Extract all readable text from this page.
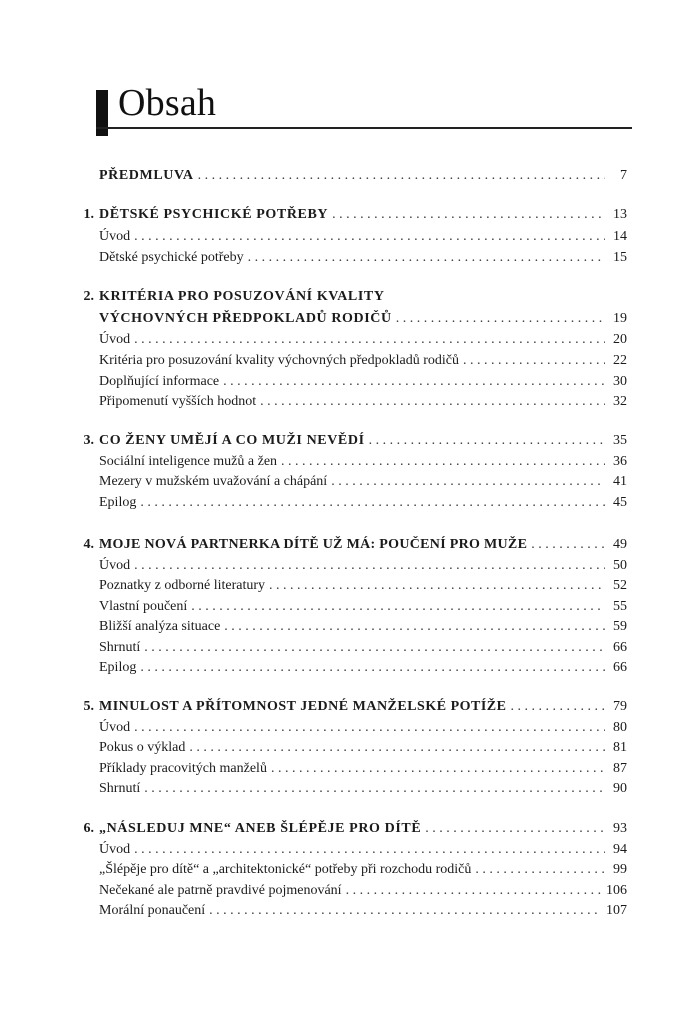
Obsah
PŘEDMLUVA . . .	7
1. DĚTSKÉ PSYCHICKÉ POTŘEBY . . .	13
Úvod . . .	14
Dětské psychické potřeby . . .	15
2. KRITÉRIA PRO POSUZOVÁNÍ KVALITY
VÝCHOVNÝCH PŘEDPOKLADŮ RODIČŮ . . .	19
Úvod . . .	20
Kritéria pro posuzování kvality výchovných předpokladů rodičů . . .	22
Doplňující informace . . .	30
Připomenutí vyšších hodnot . . .	32
3. CO ŽENY UMĚJÍ A CO MUŽI NEVĚDÍ . . .	35
Sociální inteligence mužů a žen . . .	36
Mezery v mužském uvažování a chápání . . .	41
Epilog . . .	45
4. MOJE NOVÁ PARTNERKA DÍTĚ UŽ MÁ: POUČENÍ PRO MUŽE . . .	49
Úvod . . .	50
Poznatky z odborné literatury . . .	52
Vlastní poučení . . .	55
Bližší analýza situace . . .	59
Shrnutí . . .	66
Epilog . . .	66
5. MINULOST A PŘÍTOMNOST JEDNÉ MANŽELSKÉ POTÍŽE . . .	79
Úvod . . .	80
Pokus o výklad . . .	81
Příklady pracovitých manželů . . .	87
Shrnutí . . .	90
6. „NÁSLEDUJ MNE“ ANEB ŠLÉPĚJE PRO DÍTĚ . . .	93
Úvod . . .	94
„Šlépěje pro dítě“ a „architektonické“ potřeby při rozchodu rodičů . . .	99
Nečekané ale patrně pravdivé pojmenování . . .	106
Morální ponaučení . . .	107
